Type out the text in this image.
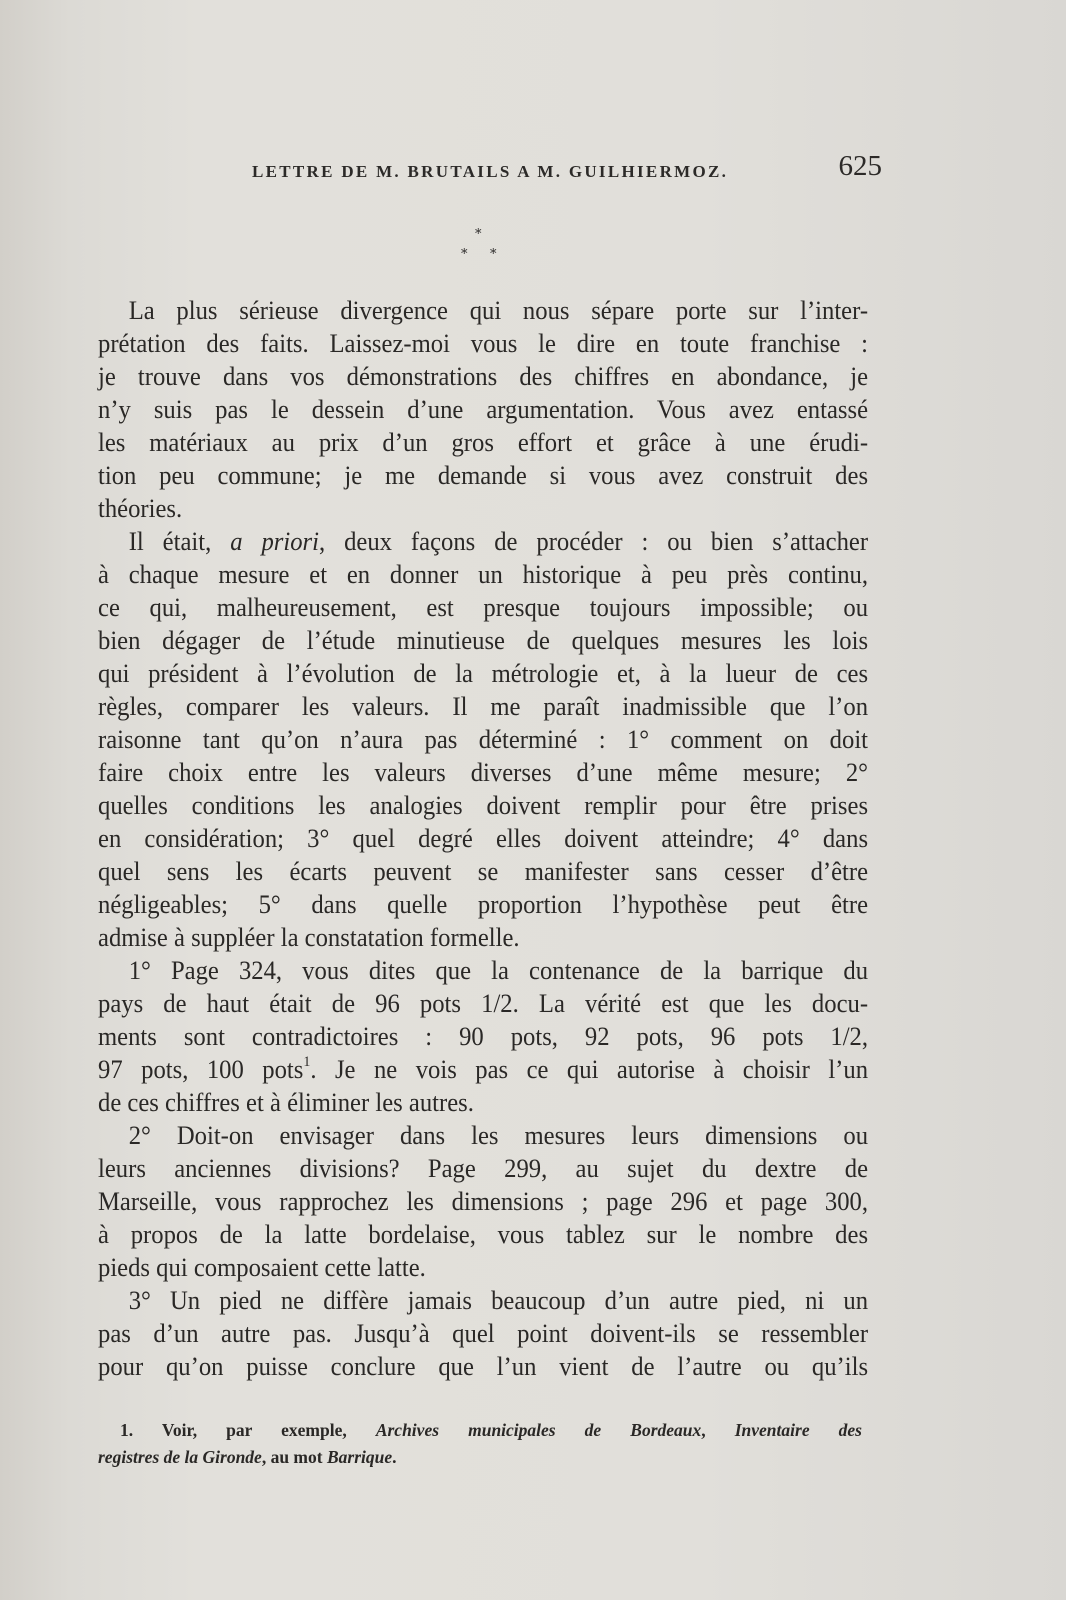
LETTRE DE M. BRUTAILS A M. GUILHIERMOZ.	625
*
* *
La plus sérieuse divergence qui nous sépare porte sur l’inter-
prétation des faits. Laissez-moi vous le dire en toute franchise :
je trouve dans vos démonstrations des chiffres en abondance, je
n’y suis pas le dessein d’une argumentation. Vous avez entassé
les matériaux au prix d’un gros effort et grâce à une érudi-
tion peu commune; je me demande si vous avez construit des
théories.
Il était, a priori, deux façons de procéder : ou bien s’attacher
à chaque mesure et en donner un historique à peu près continu,
ce qui, malheureusement, est presque toujours impossible; ou
bien dégager de l’étude minutieuse de quelques mesures les lois
qui président à l’évolution de la métrologie et, à la lueur de ces
règles, comparer les valeurs. Il me paraît inadmissible que l’on
raisonne tant qu’on n’aura pas déterminé : 1° comment on doit
faire choix entre les valeurs diverses d’une même mesure; 2°
quelles conditions les analogies doivent remplir pour être prises
en considération; 3° quel degré elles doivent atteindre; 4° dans
quel sens les écarts peuvent se manifester sans cesser d’être
négligeables; 5° dans quelle proportion l’hypothèse peut être
admise à suppléer la constatation formelle.
1° Page 324, vous dites que la contenance de la barrique du
pays de haut était de 96 pots 1/2. La vérité est que les docu-
ments sont contradictoires : 90 pots, 92 pots, 96 pots 1/2,
97 pots, 100 pots$^1$. Je ne vois pas ce qui autorise à choisir l’un
de ces chiffres et à éliminer les autres.
2° Doit-on envisager dans les mesures leurs dimensions ou
leurs anciennes divisions? Page 299, au sujet du dextre de
Marseille, vous rapprochez les dimensions ; page 296 et page 300,
à propos de la latte bordelaise, vous tablez sur le nombre des
pieds qui composaient cette latte.
3° Un pied ne diffère jamais beaucoup d’un autre pied, ni un
pas d’un autre pas. Jusqu’à quel point doivent-ils se ressembler
pour qu’on puisse conclure que l’un vient de l’autre ou qu’ils
1. Voir, par exemple, Archives municipales de Bordeaux, Inventaire des
registres de la Gironde, au mot Barrique.
